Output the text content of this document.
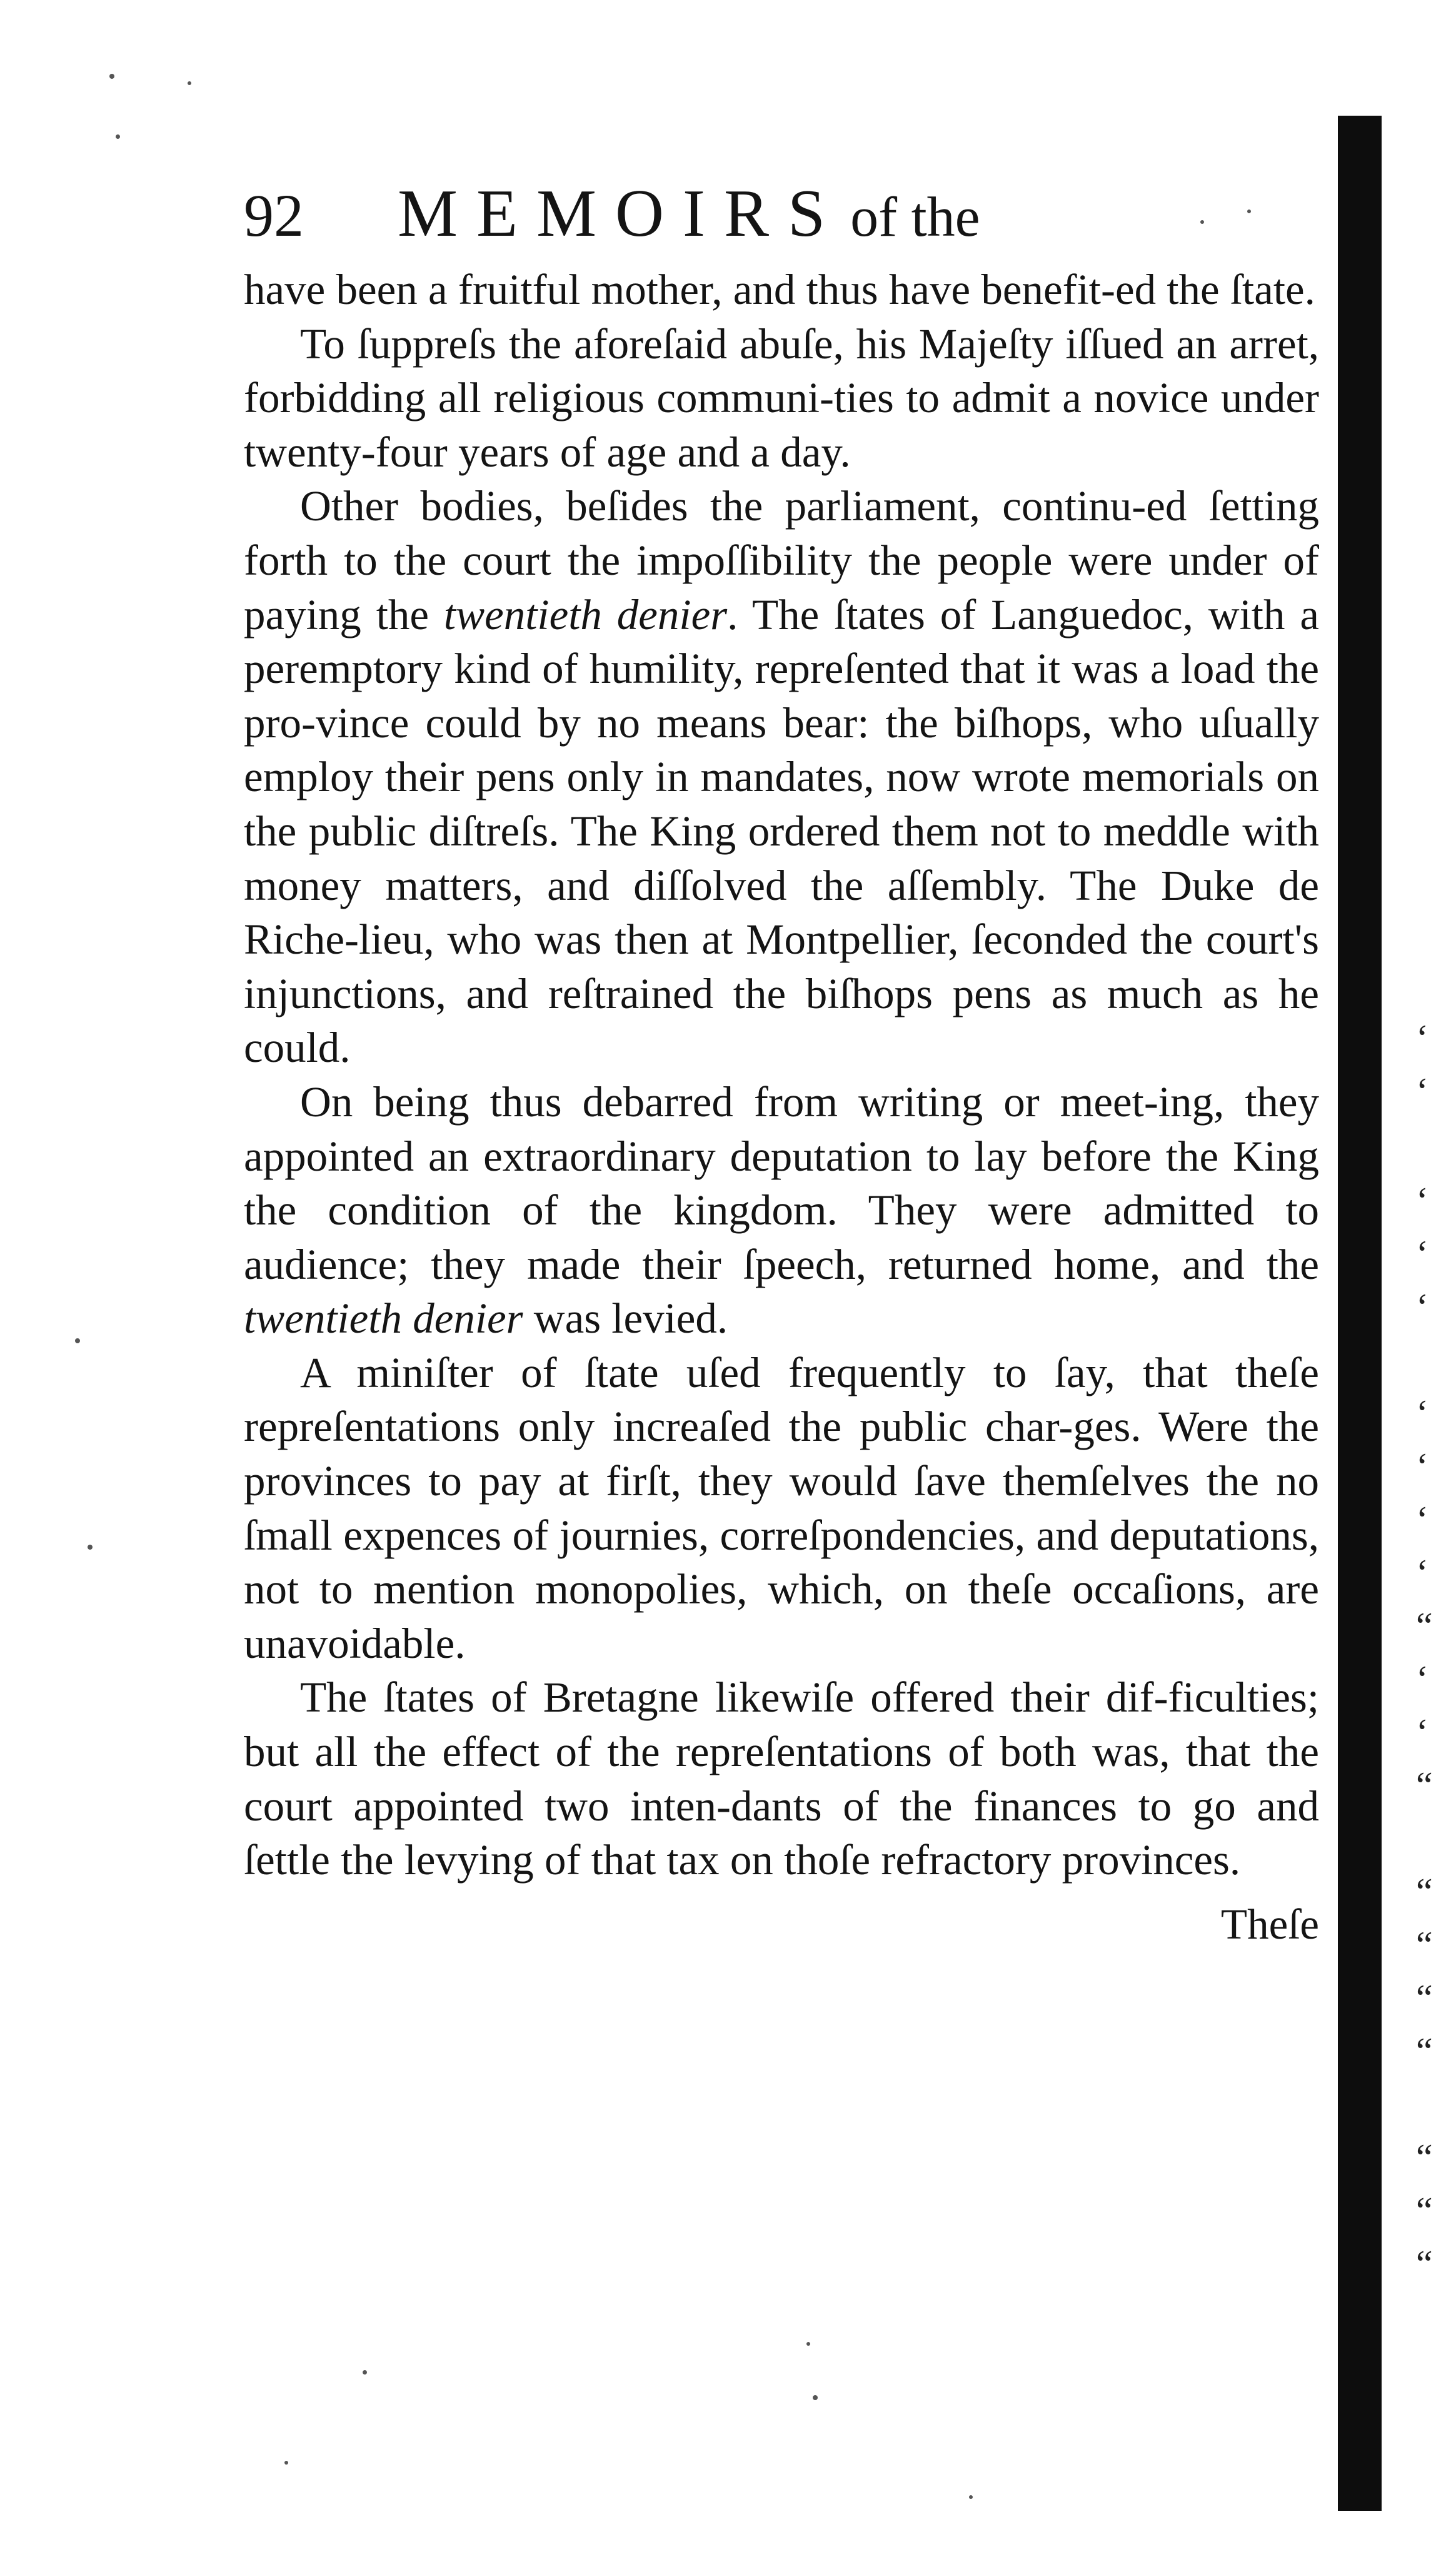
92 MEMOIRS of the

have been a fruitful mother, and thus have benefit-ed the ſtate.

To ſuppreſs the aforeſaid abuſe, his Majeſty iſſued an arret, forbidding all religious communi-ties to admit a novice under twenty-four years of age and a day.

Other bodies, beſides the parliament, continu-ed ſetting forth to the court the impoſſibility the people were under of paying the twentieth denier. The ſtates of Languedoc, with a peremptory kind of humility, repreſented that it was a load the pro-vince could by no means bear: the biſhops, who uſually employ their pens only in mandates, now wrote memorials on the public diſtreſs. The King ordered them not to meddle with money matters, and diſſolved the aſſembly. The Duke de Riche-lieu, who was then at Montpellier, ſeconded the court's injunctions, and reſtrained the biſhops pens as much as he could.

On being thus debarred from writing or meet-ing, they appointed an extraordinary deputation to lay before the King the condition of the kingdom. They were admitted to audience; they made their ſpeech, returned home, and the twentieth denier was levied.

A miniſter of ſtate uſed frequently to ſay, that theſe repreſentations only increaſed the public char-ges. Were the provinces to pay at firſt, they would ſave themſelves the no ſmall expences of journies, correſpondencies, and deputations, not to mention monopolies, which, on theſe occaſions, are unavoidable.

The ſtates of Bretagne likewiſe offered their dif-ficulties; but all the effect of the repreſentations of both was, that the court appointed two inten-dants of the finances to go and ſettle the levying of that tax on thoſe refractory provinces.

Theſe
‘
‘
‘
‘
‘
‘
‘
‘
‘
“
‘
‘
“
“
“
“
“
“
“
“
